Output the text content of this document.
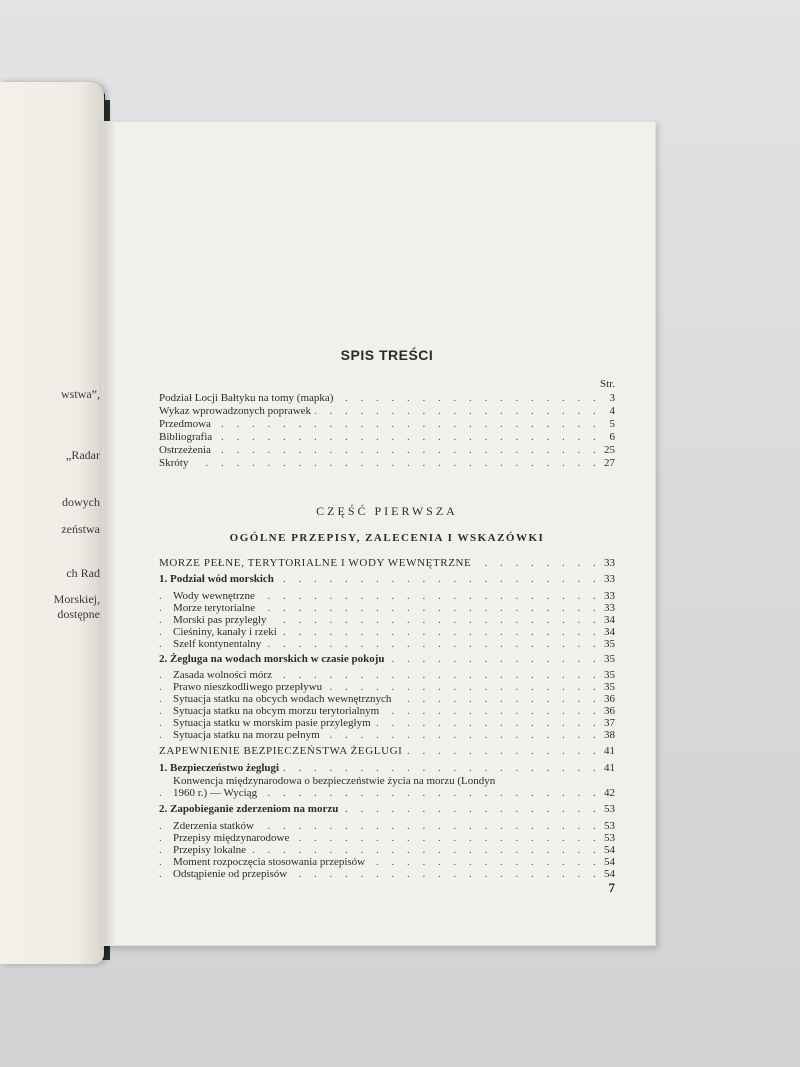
wstwa”,
„Radar
dowych
zeństwa
ch Rad
Morskiej,
dostępne
SPIS TREŚCI
Str.
. . .
Podział Locji Bałtyku na tomy (mapka)	3
. . .
Wykaz wprowadzonych poprawek	4
. . .
Przedmowa	5
. . .
Bibliografia	6
. . .
Ostrzeżenia	25
. . .
Skróty	27
CZĘŚĆ PIERWSZA
OGÓLNE PRZEPISY, ZALECENIA I WSKAZÓWKI
. . .
MORZE PEŁNE, TERYTORIALNE I WODY WEWNĘTRZNE	33
. . .
1. Podział wód morskich	33
. . .
Wody wewnętrzne	33
. . .
Morze terytorialne	33
. . .
Morski pas przyległy	34
. . .
Cieśniny, kanały i rzeki	34
. . .
Szelf kontynentalny	35
. . .
2. Żegluga na wodach morskich w czasie pokoju	35
. . .
Zasada wolności mórz	35
. . .
Prawo nieszkodliwego przepływu	35
. . .
Sytuacja statku na obcych wodach wewnętrznych	36
. . .
Sytuacja statku na obcym morzu terytorialnym	36
. . .
Sytuacja statku w morskim pasie przyległym	37
. . .
Sytuacja statku na morzu pełnym	38
. . .
ZAPEWNIENIE BEZPIECZEŃSTWA ŻEGLUGI	41
. . .
1. Bezpieczeństwo żeglugi	41
Konwencja międzynarodowa o bezpieczeństwie życia na morzu (Londyn
. . .
1960 r.) — Wyciąg	42
. . .
2. Zapobieganie zderzeniom na morzu	53
. . .
Zderzenia statków	53
. . .
Przepisy międzynarodowe	53
. . .
Przepisy lokalne	54
. . .
Moment rozpoczęcia stosowania przepisów	54
. . .
Odstąpienie od przepisów	54
7
